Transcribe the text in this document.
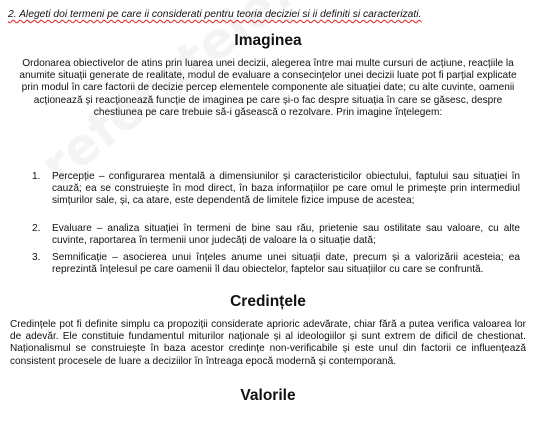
2. Alegeti doi termeni pe care ii considerati pentru teoria deciziei si ii definiti si caracterizati.
Imaginea

Ordonarea obiectivelor de atins prin luarea unei decizii, alegerea între mai multe cursuri de acțiune, reacțiile la anumite situații generate de realitate, modul de evaluare a consecințelor unei decizii luate pot fi parțial explicate prin modul în care factorii de decizie percep elementele componente ale situației date; cu alte cuvinte, oamenii acționează și reacționează funcție de imaginea pe care și-o fac despre situația în care se găsesc, despre chestiunea pe care trebuie să-i găsească o rezolvare. Prin imagine înțelegem:

1. Percepție – configurarea mentală a dimensiunilor și caracteristicilor obiectului, faptului sau situației în cauză; ea se construiește în mod direct, în baza informațiilor pe care omul le primește prin intermediul simțurilor sale, și, ca atare, este dependentă de limitele fizice impuse de acestea;

2. Evaluare – analiza situației în termeni de bine sau rău, prietenie sau ostilitate sau valoare, cu alte cuvinte, raportarea în termenii unor judecăți de valoare la o situație dată;

3. Semnificație – asocierea unui înțeles anume unei situații date, precum și a valorizării acesteia; ea reprezintă înțelesul pe care oamenii îl dau obiectelor, faptelor sau situațiilor cu care se confruntă.

Credințele

Credințele pot fi definite simplu ca propoziții considerate aprioric adevărate, chiar fără a putea verifica valoarea lor de adevăr. Ele constituie fundamentul miturilor naționale și al ideologiilor și sunt extrem de dificil de chestionat. Naționalismul se construiește în baza acestor credințe non-verificabile și este unul din factorii ce influențează consistent procesele de luare a deciziilor în întreaga epocă modernă și contemporană.

Valorile
